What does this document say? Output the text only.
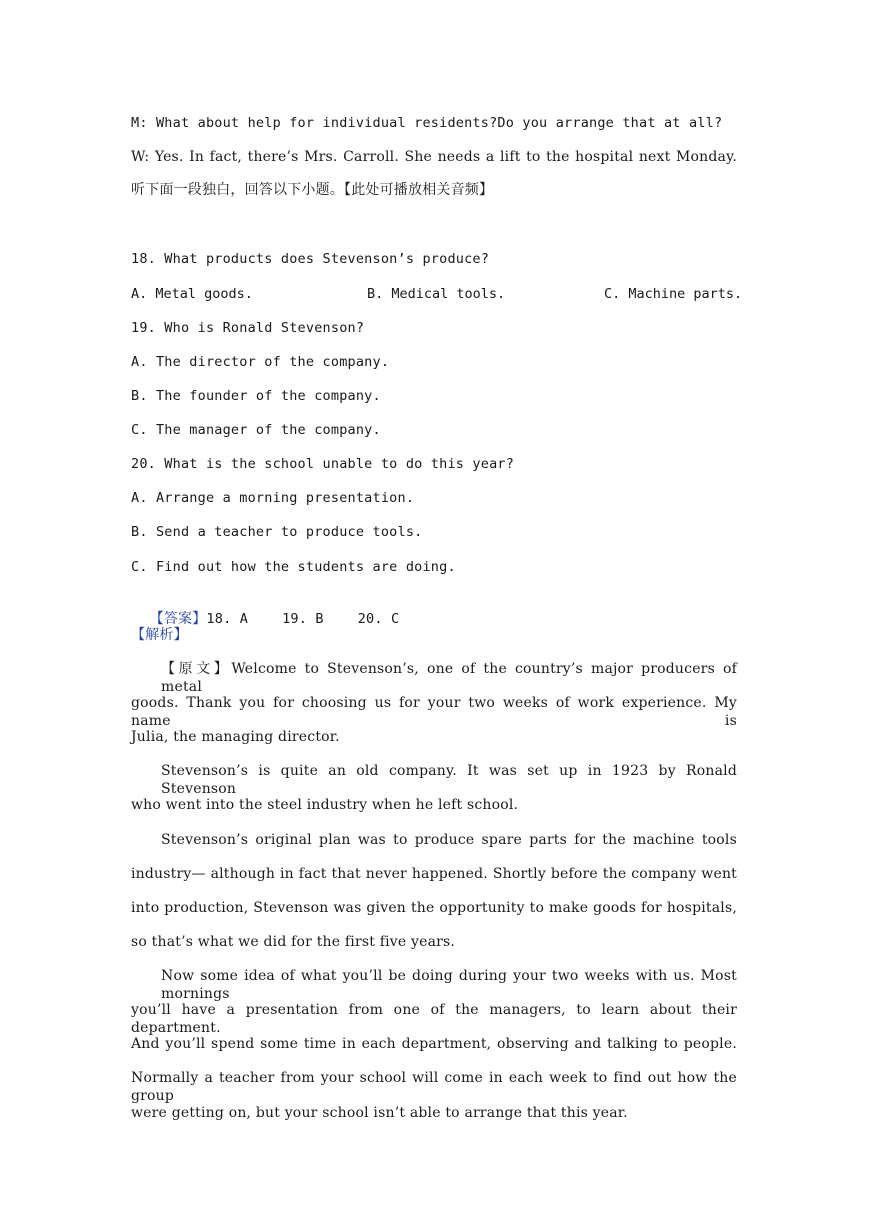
M: What about help for individual residents?Do you arrange that at all?
W: Yes. In fact, there’s Mrs. Carroll. She needs a lift to the hospital next Monday.
听下面一段独白，回答以下小题。【此处可播放相关音频】
18. What products does Stevenson’s produce?
A. Metal goods.	B. Medical tools.	C. Machine parts.
19. Who is Ronald Stevenson?
A. The director of the company.
B. The founder of the company.
C. The manager of the company.
20. What is the school unable to do this year?
A. Arrange a morning presentation.
B. Send a teacher to produce tools.
C. Find out how the students are doing.

【答案】18. A	19. B	20. C

【解析】
【原文】Welcome to Stevenson’s, one of the country’s major producers of metal
goods. Thank you for choosing us for your two weeks of work experience. My name is
Julia, the managing director.
Stevenson’s is quite an old company. It was set up in 1923 by Ronald Stevenson
who went into the steel industry when he left school.
Stevenson’s original plan was to produce spare parts for the machine tools
industry— although in fact that never happened. Shortly before the company went
into production, Stevenson was given the opportunity to make goods for hospitals,
so that’s what we did for the first five years.
Now some idea of what you’ll be doing during your two weeks with us. Most mornings
you’ll have a presentation from one of the managers, to learn about their department.
And you’ll spend some time in each department, observing and talking to people.
Normally a teacher from your school will come in each week to find out how the group
were getting on, but your school isn’t able to arrange that this year.
